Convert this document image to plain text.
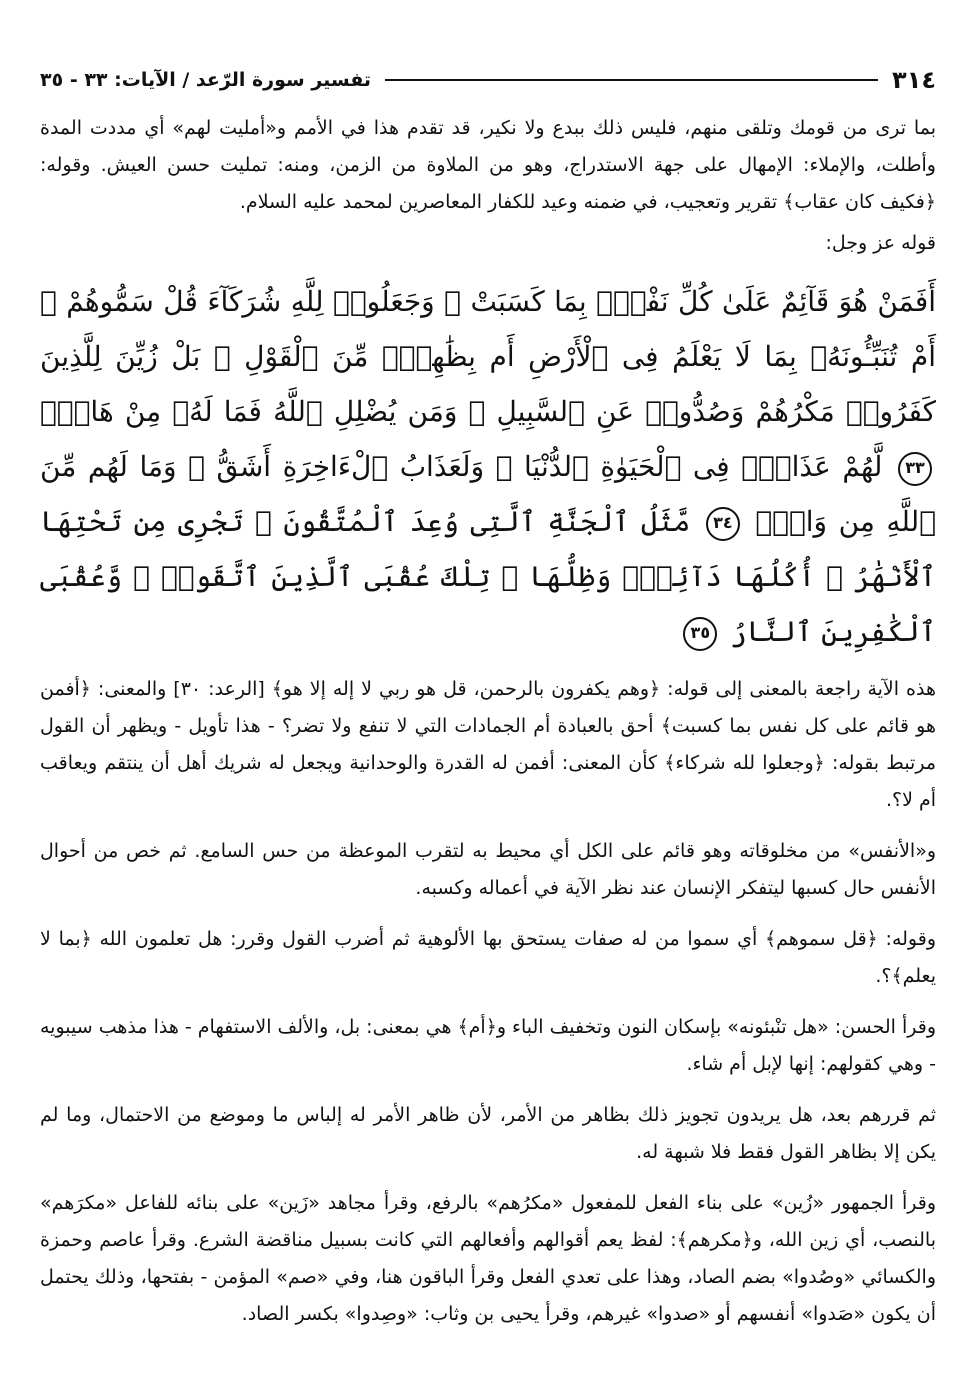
٣١٤
تفسير سورة الرّعد / الآيات: ٣٣ - ٣٥

بما ترى من قومك وتلقى منهم، فليس ذلك ببدع ولا نكير، قد تقدم هذا في الأمم و«أمليت لهم» أي مددت المدة وأطلت، والإملاء: الإمهال على جهة الاستدراج، وهو من الملاوة من الزمن، ومنه: تمليت حسن العيش. وقوله: ﴿فكيف كان عقاب﴾ تقرير وتعجيب، في ضمنه وعيد للكفار المعاصرين لمحمد عليه السلام.

قوله عز وجل:

أَفَمَنْ هُوَ قَآئِمٌ عَلَىٰ كُلِّ نَفْسٍۢ بِمَا كَسَبَتْ ۗ وَجَعَلُوا۟ لِلَّهِ شُرَكَآءَ قُلْ سَمُّوهُمْ ۚ أَمْ تُنَبِّـُٔونَهُۥ بِمَا لَا يَعْلَمُ فِى ٱلْأَرْضِ أَم بِظَٰهِرٍۢ مِّنَ ٱلْقَوْلِ ۗ بَلْ زُيِّنَ لِلَّذِينَ كَفَرُوا۟ مَكْرُهُمْ وَصُدُّوا۟ عَنِ ٱلسَّبِيلِ ۗ وَمَن يُضْلِلِ ٱللَّهُ فَمَا لَهُۥ مِنْ هَادٍۢ ٣٣ لَّهُمْ عَذَابٌۭ فِى ٱلْحَيَوٰةِ ٱلدُّنْيَا ۖ وَلَعَذَابُ ٱلْءَاخِرَةِ أَشَقُّ ۖ وَمَا لَهُم مِّنَ ٱللَّهِ مِن وَاقٍۢ ٣٤ مَّثَلُ ٱلْجَنَّةِ ٱلَّتِى وُعِدَ ٱلْمُتَّقُونَ ۖ تَجْرِى مِن تَحْتِهَا ٱلْأَنْهَٰرُ ۖ أُكُلُهَا دَآئِمٌۭ وَظِلُّهَا ۚ تِلْكَ عُقْبَى ٱلَّذِينَ ٱتَّقَوا۟ ۖ وَّعُقْبَى ٱلْكَٰفِرِينَ ٱلنَّارُ ٣٥

هذه الآية راجعة بالمعنى إلى قوله: ﴿وهم يكفرون بالرحمن، قل هو ربي لا إله إلا هو﴾ [الرعد: ٣٠] والمعنى: ﴿أفمن هو قائم على كل نفس بما كسبت﴾ أحق بالعبادة أم الجمادات التي لا تنفع ولا تضر؟ - هذا تأويل - ويظهر أن القول مرتبط بقوله: ﴿وجعلوا لله شركاء﴾ كأن المعنى: أفمن له القدرة والوحدانية ويجعل له شريك أهل أن ينتقم ويعاقب أم لا؟.

و«الأنفس» من مخلوقاته وهو قائم على الكل أي محيط به لتقرب الموعظة من حس السامع. ثم خص من أحوال الأنفس حال كسبها ليتفكر الإنسان عند نظر الآية في أعماله وكسبه.

وقوله: ﴿قل سموهم﴾ أي سموا من له صفات يستحق بها الألوهية ثم أضرب القول وقرر: هل تعلمون الله ﴿بما لا يعلم﴾؟.

وقرأ الحسن: «هل تنْبئونه» بإسكان النون وتخفيف الباء و﴿أم﴾ هي بمعنى: بل، والألف الاستفهام - هذا مذهب سيبويه - وهي كقولهم: إنها لإبل أم شاء.

ثم قررهم بعد، هل يريدون تجويز ذلك بظاهر من الأمر، لأن ظاهر الأمر له إلباس ما وموضع من الاحتمال، وما لم يكن إلا بظاهر القول فقط فلا شبهة له.

وقرأ الجمهور «زُين» على بناء الفعل للمفعول «مكرُهم» بالرفع، وقرأ مجاهد «زَين» على بنائه للفاعل «مكرَهم» بالنصب، أي زين الله، و﴿مكرهم﴾: لفظ يعم أقوالهم وأفعالهم التي كانت بسبيل مناقضة الشرع. وقرأ عاصم وحمزة والكسائي «وصُدوا» بضم الصاد، وهذا على تعدي الفعل وقرأ الباقون هنا، وفي «صم» المؤمن - بفتحها، وذلك يحتمل أن يكون «صَدوا» أنفسهم أو «صدوا» غيرهم، وقرأ يحيى بن وثاب: «وصِدوا» بكسر الصاد.
